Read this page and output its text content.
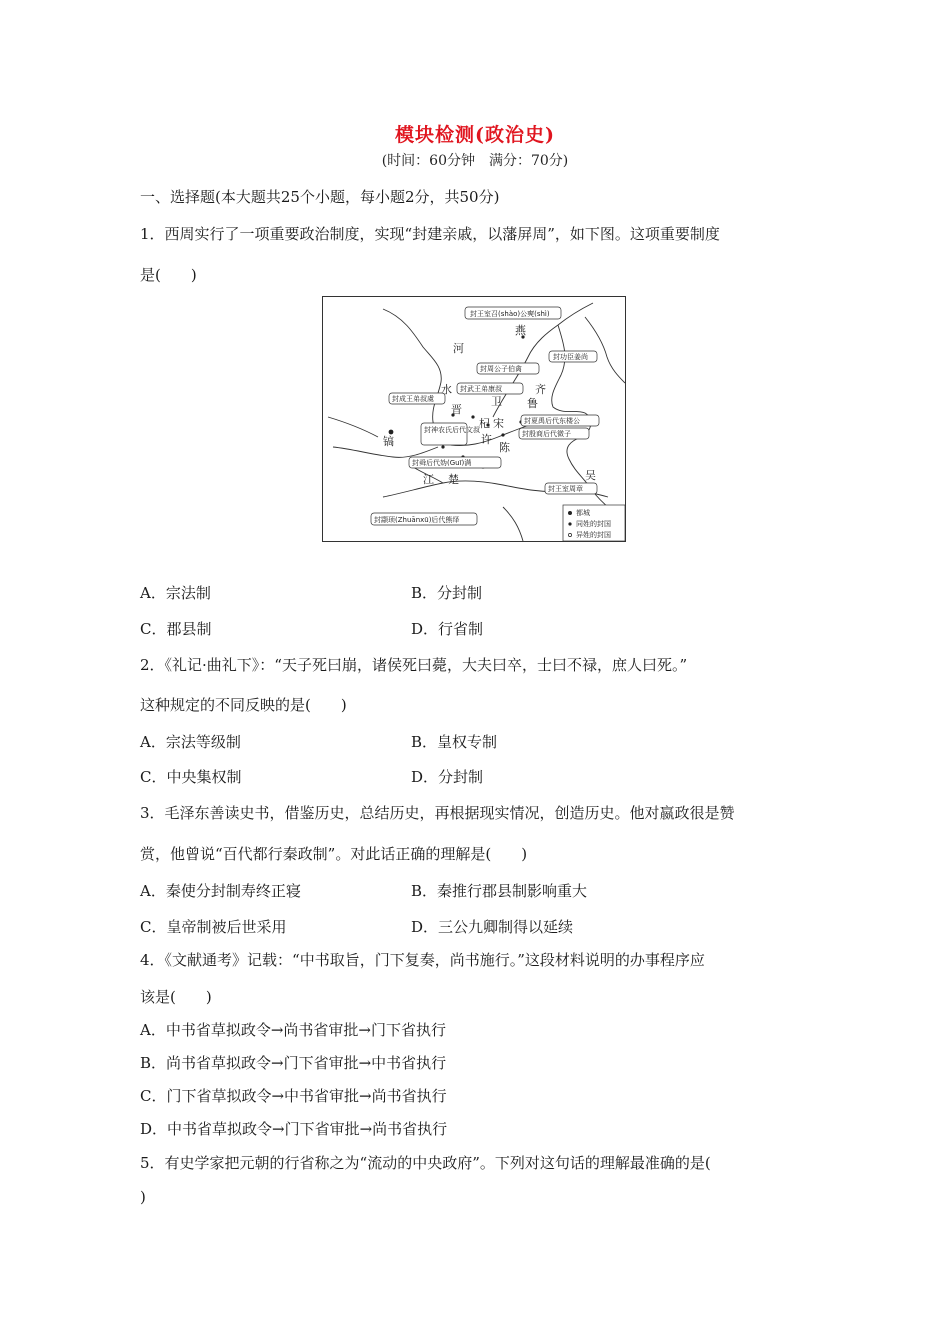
模块检测(政治史)
(时间：60分钟　满分：70分)
一、选择题(本大题共25个小题，每小题2分，共50分)
1．西周实行了一项重要政治制度，实现“封建亲戚，以藩屏周”，如下图。这项重要制度
是(　　)
封王室召(shào)公奭(shì)
燕
河
封功臣姜尚
封周公子伯禽
齐
水 封武王弟康叔
卫 鲁
封成王弟叔虞
晋
封夏禹后代东楼公
封神农氏后代文叔 杞 宋
封殷商后代微子
镐	许
陈
封舜后代妫(Guī)满
江 楚	吴
封王室周章
封颛顼(Zhuānxū)后代熊绎
都城
同姓的封国
异姓的封国
A．宗法制	B．分封制
C．郡县制	D．行省制
2．《礼记·曲礼下》：“天子死曰崩，诸侯死曰薨，大夫曰卒，士曰不禄，庶人曰死。”
这种规定的不同反映的是(　　)
A．宗法等级制	B．皇权专制
C．中央集权制	D．分封制
3．毛泽东善读史书，借鉴历史，总结历史，再根据现实情况，创造历史。他对嬴政很是赞
赏，他曾说“百代都行秦政制”。对此话正确的理解是(　　)
A．秦使分封制寿终正寝	B．秦推行郡县制影响重大
C．皇帝制被后世采用	D．三公九卿制得以延续
4．《文献通考》记载：“中书取旨，门下复奏，尚书施行。”这段材料说明的办事程序应
该是(　　)
A．中书省草拟政令→尚书省审批→门下省执行
B．尚书省草拟政令→门下省审批→中书省执行
C．门下省草拟政令→中书省审批→尚书省执行
D．中书省草拟政令→门下省审批→尚书省执行
5．有史学家把元朝的行省称之为“流动的中央政府”。下列对这句话的理解最准确的是(
)
